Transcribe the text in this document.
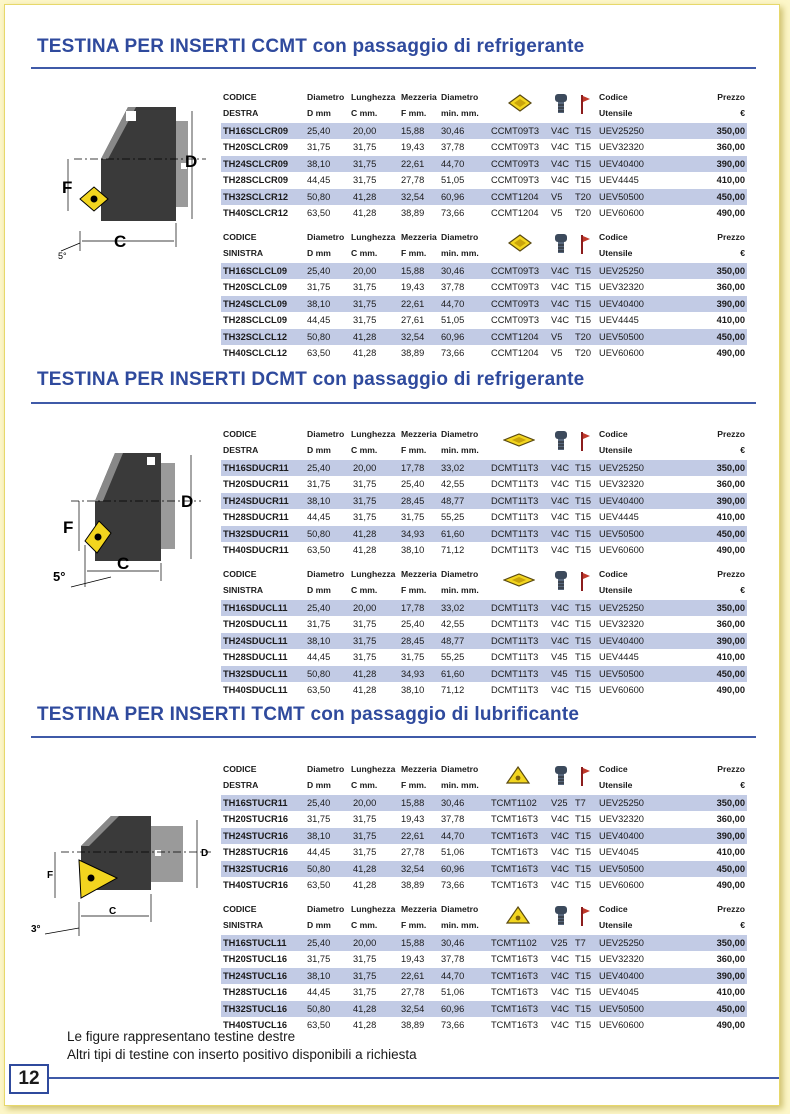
TESTINA PER INSERTI CCMT con passaggio di refrigerante
F
D
C
5°
TESTINA PER INSERTI DCMT con passaggio di refrigerante
F
D
C
5°
TESTINA PER INSERTI TCMT con passaggio di lubrificante
F
D
C
3°
CODICE	Diametro Lunghezza Mezzeria Diametro	Codice	Prezzo
DESTRA	D mm C mm.	F mm. min. mm.	Utensile	€
TH16SCLCR09 25,40 20,00	15,88 30,46	CCMT09T3 V4C T15 UEV25250	350,00
TH20SCLCR09 31,75 31,75	19,43 37,78	CCMT09T3 V4C T15 UEV32320	360,00
TH24SCLCR09 38,10 31,75	22,61 44,70	CCMT09T3 V4C T15 UEV40400	390,00
TH28SCLCR09 44,45 31,75	27,78 51,05	CCMT09T3 V4C T15 UEV4445	410,00
TH32SCLCR12 50,80 41,28	32,54 60,96	CCMT1204 V5 T20 UEV50500	450,00
TH40SCLCR12 63,50 41,28	38,89 73,66	CCMT1204 V5 T20 UEV60600	490,00
CODICE	Diametro Lunghezza Mezzeria Diametro	Codice	Prezzo
SINISTRA	D mm C mm.	F mm. min. mm.	Utensile	€
TH16SCLCL09 25,40 20,00	15,88 30,46	CCMT09T3 V4C T15 UEV25250	350,00
TH20SCLCL09 31,75 31,75	19,43 37,78	CCMT09T3 V4C T15 UEV32320	360,00
TH24SCLCL09 38,10 31,75	22,61 44,70	CCMT09T3 V4C T15 UEV40400	390,00
TH28SCLCL09 44,45 31,75	27,61 51,05	CCMT09T3 V4C T15 UEV4445	410,00
TH32SCLCL12 50,80 41,28	32,54 60,96	CCMT1204 V5 T20 UEV50500	450,00
TH40SCLCL12 63,50 41,28	38,89 73,66	CCMT1204 V5 T20 UEV60600	490,00
CODICE	Diametro Lunghezza Mezzeria Diametro	Codice	Prezzo
DESTRA	D mm C mm.	F mm. min. mm.	Utensile	€
TH16SDUCR11 25,40 20,00	17,78 33,02	DCMT11T3 V4C T15 UEV25250	350,00
TH20SDUCR11 31,75 31,75	25,40 42,55	DCMT11T3 V4C T15 UEV32320	360,00
TH24SDUCR11 38,10 31,75	28,45 48,77	DCMT11T3 V4C T15 UEV40400	390,00
TH28SDUCR11 44,45 31,75	31,75 55,25	DCMT11T3 V4C T15 UEV4445	410,00
TH32SDUCR11 50,80 41,28	34,93 61,60	DCMT11T3 V4C T15 UEV50500	450,00
TH40SDUCR11 63,50 41,28	38,10 71,12	DCMT11T3 V4C T15 UEV60600	490,00
CODICE	Diametro Lunghezza Mezzeria Diametro	Codice	Prezzo
SINISTRA	D mm C mm.	F mm. min. mm.	Utensile	€
TH16SDUCL11 25,40 20,00	17,78 33,02	DCMT11T3 V4C T15 UEV25250	350,00
TH20SDUCL11 31,75 31,75	25,40 42,55	DCMT11T3 V4C T15 UEV32320	360,00
TH24SDUCL11 38,10 31,75	28,45 48,77	DCMT11T3 V4C T15 UEV40400	390,00
TH28SDUCL11 44,45 31,75	31,75 55,25	DCMT11T3 V45 T15 UEV4445	410,00
TH32SDUCL11 50,80 41,28	34,93 61,60	DCMT11T3 V45 T15 UEV50500	450,00
TH40SDUCL11 63,50 41,28	38,10 71,12	DCMT11T3 V4C T15 UEV60600	490,00
CODICE	Diametro Lunghezza Mezzeria Diametro	Codice	Prezzo
DESTRA	D mm C mm.	F mm. min. mm.	Utensile	€
TH16STUCR11 25,40 20,00	15,88 30,46	TCMT1102 V25 T7 UEV25250	350,00
TH20STUCR16 31,75 31,75	19,43 37,78	TCMT16T3 V4C T15 UEV32320	360,00
TH24STUCR16 38,10 31,75	22,61 44,70	TCMT16T3 V4C T15 UEV40400	390,00
TH28STUCR16 44,45 31,75	27,78 51,06	TCMT16T3 V4C T15 UEV4045	410,00
TH32STUCR16 50,80 41,28	32,54 60,96	TCMT16T3 V4C T15 UEV50500	450,00
TH40STUCR16 63,50 41,28	38,89 73,66	TCMT16T3 V4C T15 UEV60600	490,00
CODICE	Diametro Lunghezza Mezzeria Diametro	Codice	Prezzo
SINISTRA	D mm C mm.	F mm. min. mm.	Utensile	€
TH16STUCL11 25,40 20,00	15,88 30,46	TCMT1102 V25 T7 UEV25250	350,00
TH20STUCL16 31,75 31,75	19,43 37,78	TCMT16T3 V4C T15 UEV32320	360,00
TH24STUCL16 38,10 31,75	22,61 44,70	TCMT16T3 V4C T15 UEV40400	390,00
TH28STUCL16 44,45 31,75	27,78 51,06	TCMT16T3 V4C T15 UEV4045	410,00
TH32STUCL16 50,80 41,28	32,54 60,96	TCMT16T3 V4C T15 UEV50500	450,00
TH40STUCL16 63,50 41,28	38,89 73,66	TCMT16T3 V4C T15 UEV60600	490,00
Le figure rappresentano testine destre
Altri tipi di testine con inserto positivo disponibili a richiesta
12
